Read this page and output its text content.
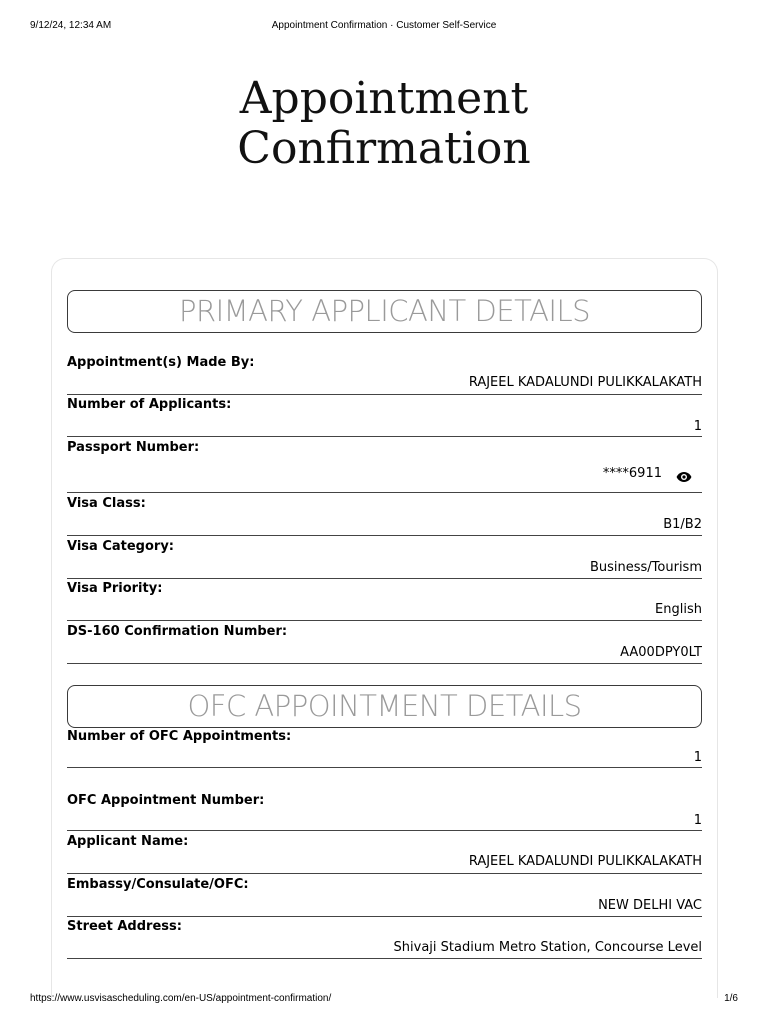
9/12/24, 12:34 AM	Appointment Confirmation · Customer Self-Service
Appointment
Confirmation
PRIMARY APPLICANT DETAILS
Appointment(s) Made By:
RAJEEL KADALUNDI PULIKKALAKATH
Number of Applicants:
1
Passport Number:
****6911
Visa Class:
B1/B2
Visa Category:
Business/Tourism
Visa Priority:
English
DS-160 Confirmation Number:
AA00DPY0LT
OFC APPOINTMENT DETAILS
Number of OFC Appointments:
1
OFC Appointment Number:
1
Applicant Name:
RAJEEL KADALUNDI PULIKKALAKATH
Embassy/Consulate/OFC:
NEW DELHI VAC
Street Address:
Shivaji Stadium Metro Station, Concourse Level
https://www.usvisascheduling.com/en-US/appointment-confirmation/	1/6
